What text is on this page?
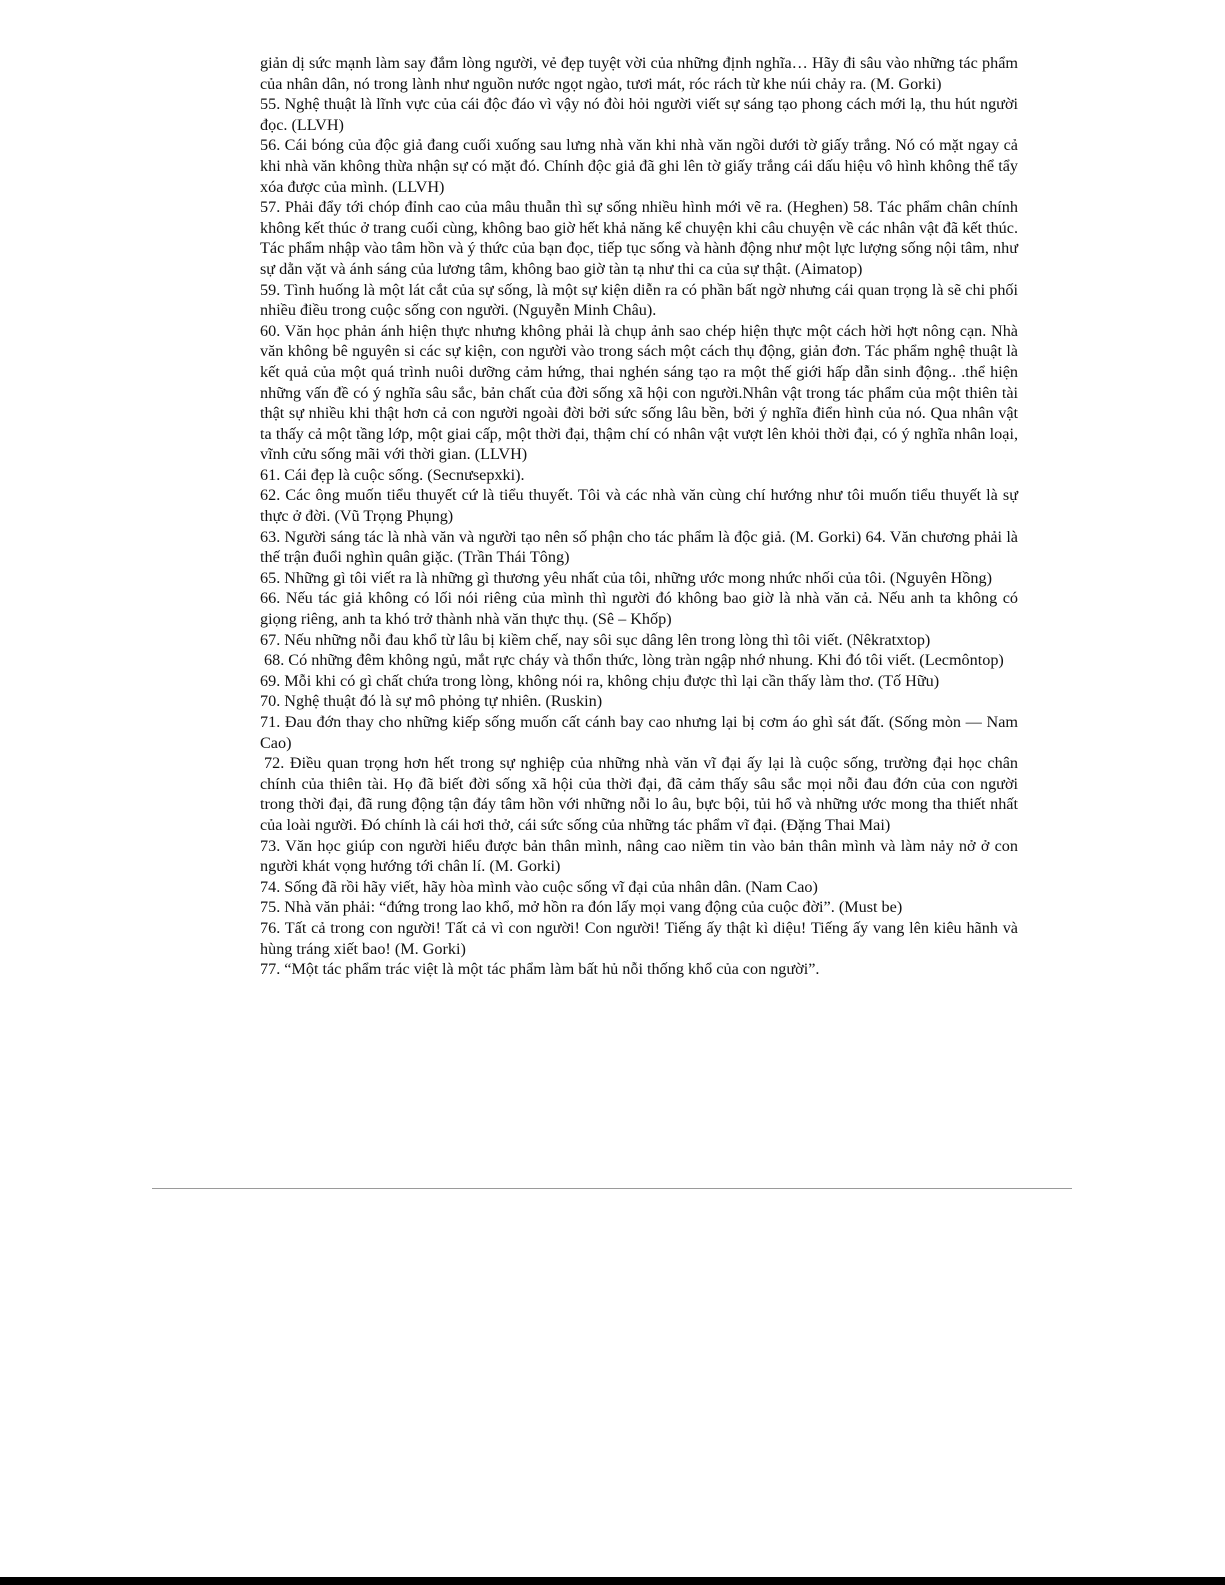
giản dị sức mạnh làm say đắm lòng người, vẻ đẹp tuyệt vời của những định nghĩa… Hãy đi sâu vào những tác phẩm của nhân dân, nó trong lành như nguồn nước ngọt ngào, tươi mát, róc rách từ khe núi chảy ra. (M. Gorki)

55. Nghệ thuật là lĩnh vực của cái độc đáo vì vậy nó đòi hỏi người viết sự sáng tạo phong cách mới lạ, thu hút người đọc. (LLVH)

56. Cái bóng của độc giả đang cuối xuống sau lưng nhà văn khi nhà văn ngồi dưới tờ giấy trắng. Nó có mặt ngay cả khi nhà văn không thừa nhận sự có mặt đó. Chính độc giả đã ghi lên tờ giấy trắng cái dấu hiệu vô hình không thể tẩy xóa được của mình. (LLVH)

57. Phải đẩy tới chóp đỉnh cao của mâu thuẫn thì sự sống nhiều hình mới vẽ ra. (Heghen) 58. Tác phẩm chân chính không kết thúc ở trang cuối cùng, không bao giờ hết khả năng kể chuyện khi câu chuyện về các nhân vật đã kết thúc. Tác phẩm nhập vào tâm hồn và ý thức của bạn đọc, tiếp tục sống và hành động như một lực lượng sống nội tâm, như sự dằn vặt và ánh sáng của lương tâm, không bao giờ tàn tạ như thi ca của sự thật. (Aimatop)

59. Tình huống là một lát cắt của sự sống, là một sự kiện diễn ra có phần bất ngờ nhưng cái quan trọng là sẽ chi phối nhiều điều trong cuộc sống con người. (Nguyễn Minh Châu).

60. Văn học phản ánh hiện thực nhưng không phải là chụp ảnh sao chép hiện thực một cách hời hợt nông cạn. Nhà văn không bê nguyên si các sự kiện, con người vào trong sách một cách thụ động, giản đơn. Tác phẩm nghệ thuật là kết quả của một quá trình nuôi dưỡng cảm hứng, thai nghén sáng tạo ra một thế giới hấp dẫn sinh động.. .thể hiện những vấn đề có ý nghĩa sâu sắc, bản chất của đời sống xã hội con người.Nhân vật trong tác phẩm của một thiên tài thật sự nhiều khi thật hơn cả con người ngoài đời bởi sức sống lâu bền, bởi ý nghĩa điển hình của nó. Qua nhân vật ta thấy cả một tầng lớp, một giai cấp, một thời đại, thậm chí có nhân vật vượt lên khỏi thời đại, có ý nghĩa nhân loại, vĩnh cửu sống mãi với thời gian. (LLVH)

61. Cái đẹp là cuộc sống. (Secnưsepxki).

62. Các ông muốn tiểu thuyết cứ là tiểu thuyết. Tôi và các nhà văn cùng chí hướng như tôi muốn tiểu thuyết là sự thực ở đời. (Vũ Trọng Phụng)

63. Người sáng tác là nhà văn và người tạo nên số phận cho tác phẩm là độc giả. (M. Gorki) 64. Văn chương phải là thế trận đuổi nghìn quân giặc. (Trần Thái Tông)

65. Những gì tôi viết ra là những gì thương yêu nhất của tôi, những ước mong nhức nhối của tôi. (Nguyên Hồng)

66. Nếu tác giả không có lối nói riêng của mình thì người đó không bao giờ là nhà văn cả. Nếu anh ta không có giọng riêng, anh ta khó trở thành nhà văn thực thụ. (Sê – Khốp)

67. Nếu những nỗi đau khổ từ lâu bị kiềm chế, nay sôi sục dâng lên trong lòng thì tôi viết. (Nêkratxtop)

68. Có những đêm không ngủ, mắt rực cháy và thổn thức, lòng tràn ngập nhớ nhung. Khi đó tôi viết. (Lecmôntop)

69. Mỗi khi có gì chất chứa trong lòng, không nói ra, không chịu được thì lại cần thấy làm thơ. (Tố Hữu)

70. Nghệ thuật đó là sự mô phỏng tự nhiên. (Ruskin)

71. Đau đớn thay cho những kiếp sống muốn cất cánh bay cao nhưng lại bị cơm áo ghì sát đất. (Sống mòn — Nam Cao)

72. Điều quan trọng hơn hết trong sự nghiệp của những nhà văn vĩ đại ấy lại là cuộc sống, trường đại học chân chính của thiên tài. Họ đã biết đời sống xã hội của thời đại, đã cảm thấy sâu sắc mọi nỗi đau đớn của con người trong thời đại, đã rung động tận đáy tâm hồn với những nỗi lo âu, bực bội, tủi hổ và những ước mong tha thiết nhất của loài người. Đó chính là cái hơi thở, cái sức sống của những tác phẩm vĩ đại. (Đặng Thai Mai)

73. Văn học giúp con người hiểu được bản thân mình, nâng cao niềm tin vào bản thân mình và làm nảy nở ở con người khát vọng hướng tới chân lí. (M. Gorki)

74. Sống đã rồi hãy viết, hãy hòa mình vào cuộc sống vĩ đại của nhân dân. (Nam Cao)

75. Nhà văn phải: “đứng trong lao khổ, mở hồn ra đón lấy mọi vang động của cuộc đời”. (Must be)

76. Tất cả trong con người! Tất cả vì con người! Con người! Tiếng ấy thật kì diệu! Tiếng ấy vang lên kiêu hãnh và hùng tráng xiết bao! (M. Gorki)

77. “Một tác phẩm trác việt là một tác phẩm làm bất hủ nỗi thống khổ của con người”.
